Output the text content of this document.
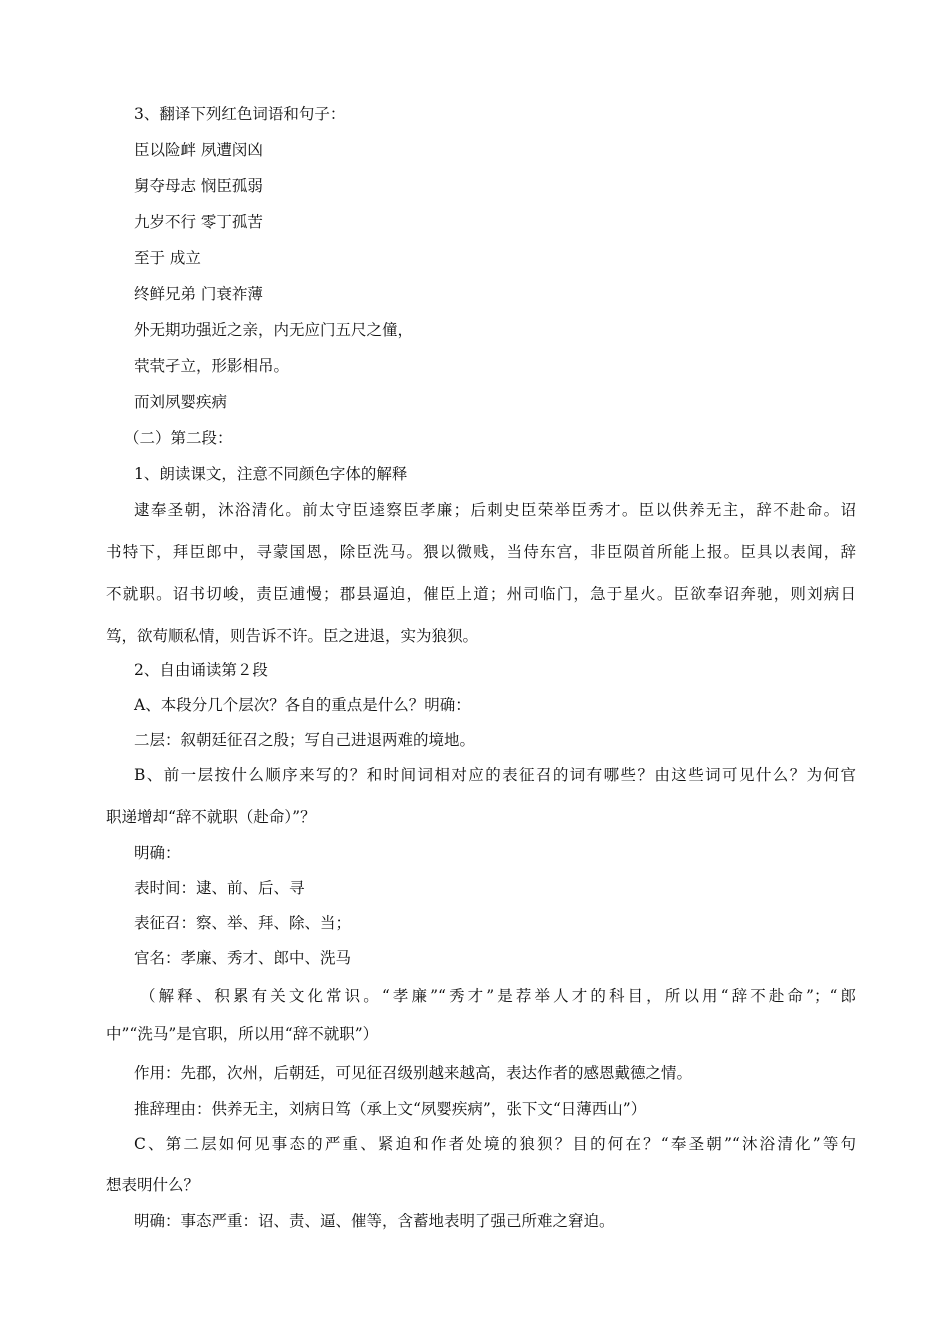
3、翻译下列红色词语和句子：
臣以险衅 夙遭闵凶
舅夺母志 悯臣孤弱
九岁不行 零丁孤苦
至于 成立
终鲜兄弟 门衰祚薄
外无期功强近之亲，内无应门五尺之僮，
茕茕孑立，形影相吊。
而刘夙婴疾病
（二）第二段：
1、朗读课文，注意不同颜色字体的解释
逮奉圣朝，沐浴清化。前太守臣逵察臣孝廉；后刺史臣荣举臣秀才。臣以供养无主，辞不赴命。诏
书特下，拜臣郎中，寻蒙国恩，除臣洗马。猥以微贱，当侍东宫，非臣陨首所能上报。臣具以表闻，辞
不就职。诏书切峻，责臣逋慢；郡县逼迫，催臣上道；州司临门，急于星火。臣欲奉诏奔驰，则刘病日
笃，欲苟顺私情，则告诉不许。臣之进退，实为狼狈。
2、自由诵读第２段
A、本段分几个层次？各自的重点是什么？明确：
二层：叙朝廷征召之殷；写自己进退两难的境地。
B、前一层按什么顺序来写的？和时间词相对应的表征召的词有哪些？由这些词可见什么？为何官
职递增却“辞不就职（赴命）”？
明确：
表时间：逮、前、后、寻
表征召：察、举、拜、除、当；
官名：孝廉、秀才、郎中、洗马
（解释、积累有关文化常识。“孝廉”“秀才”是荐举人才的科目，所以用“辞不赴命”；“郎
中”“洗马”是官职，所以用“辞不就职”）
作用：先郡，次州，后朝廷，可见征召级别越来越高，表达作者的感恩戴德之情。
推辞理由：供养无主，刘病日笃（承上文“夙婴疾病”，张下文“日薄西山”）
C、第二层如何见事态的严重、紧迫和作者处境的狼狈？目的何在？“奉圣朝”“沐浴清化”等句
想表明什么？
明确：事态严重：诏、责、逼、催等，含蓄地表明了强己所难之窘迫。
